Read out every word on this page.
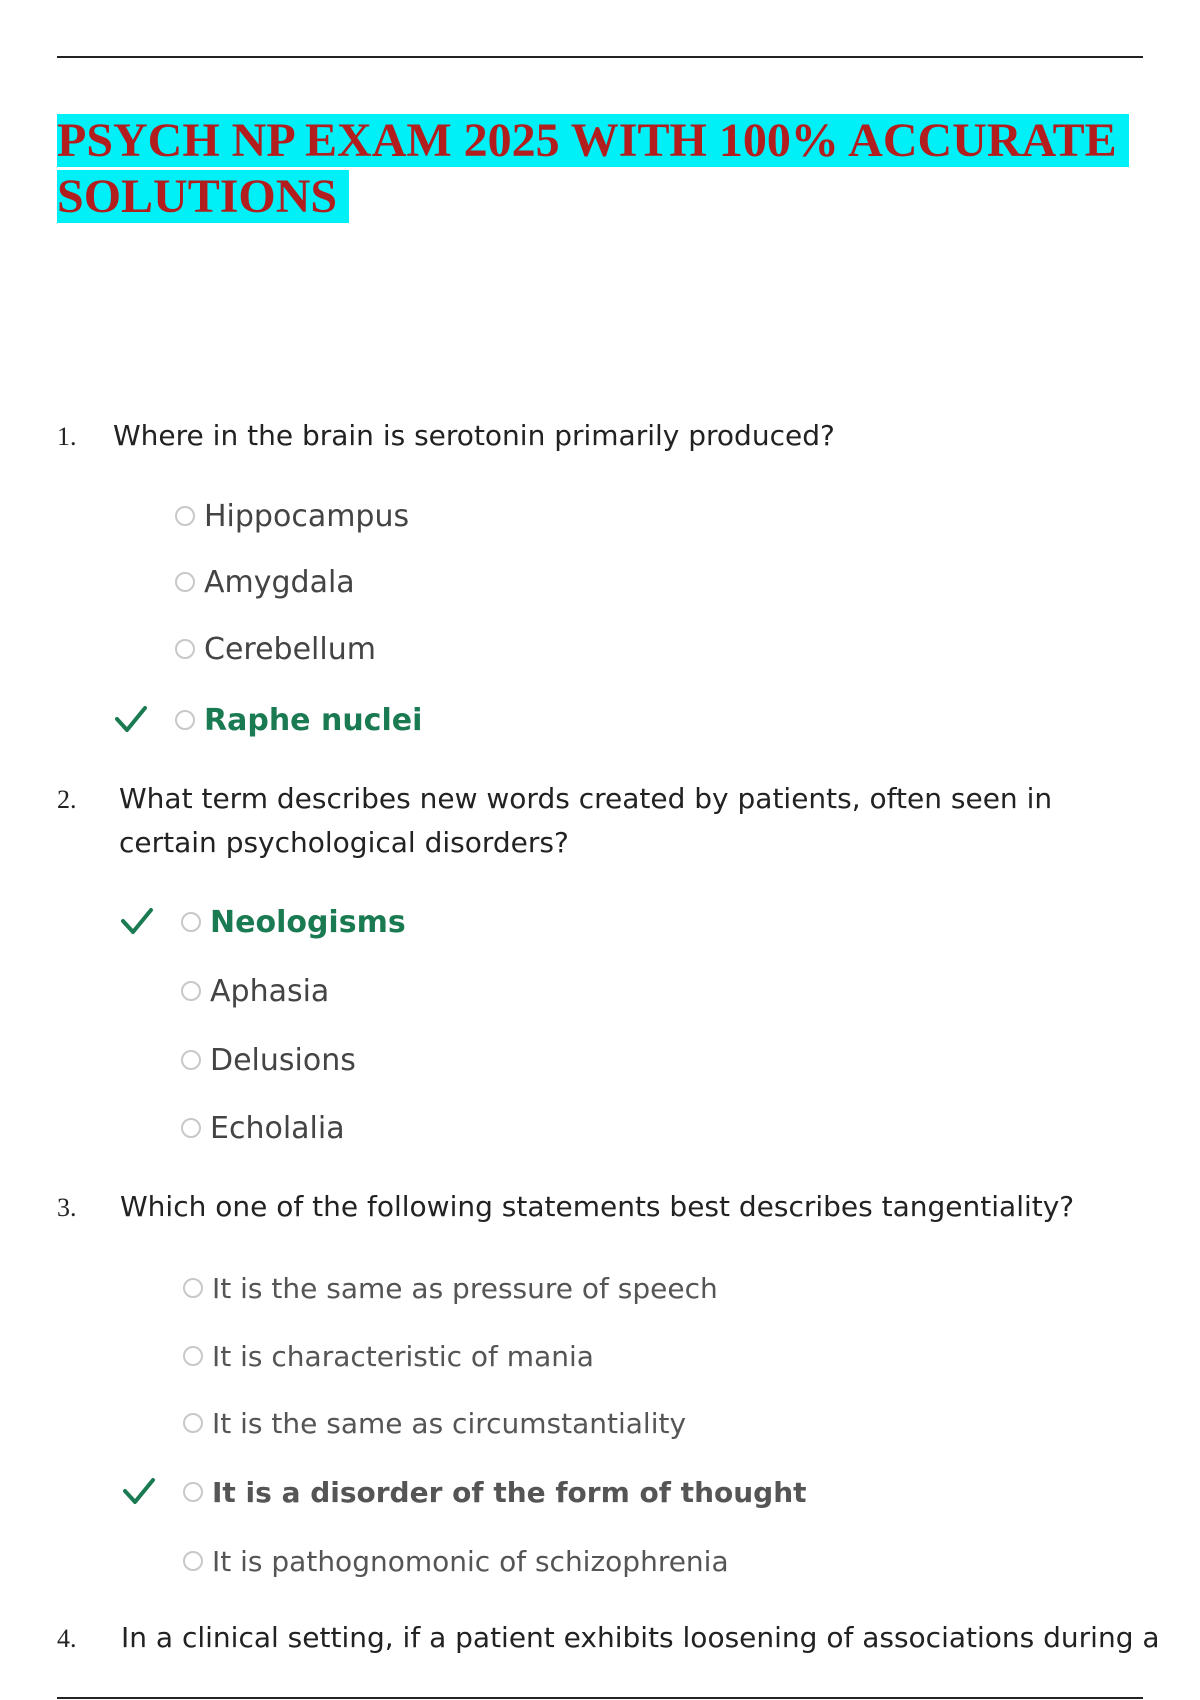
PSYCH NP EXAM 2025 WITH 100% ACCURATE SOLUTIONS
1. Where in the brain is serotonin primarily produced?
Hippocampus
Amygdala
Cerebellum
Raphe nuclei
2. What term describes new words created by patients, often seen in
certain psychological disorders?
Neologisms
Aphasia
Delusions
Echolalia
3. Which one of the following statements best describes tangentiality?
It is the same as pressure of speech
It is characteristic of mania
It is the same as circumstantiality
It is a disorder of the form of thought
It is pathognomonic of schizophrenia
4. In a clinical setting, if a patient exhibits loosening of associations during a
